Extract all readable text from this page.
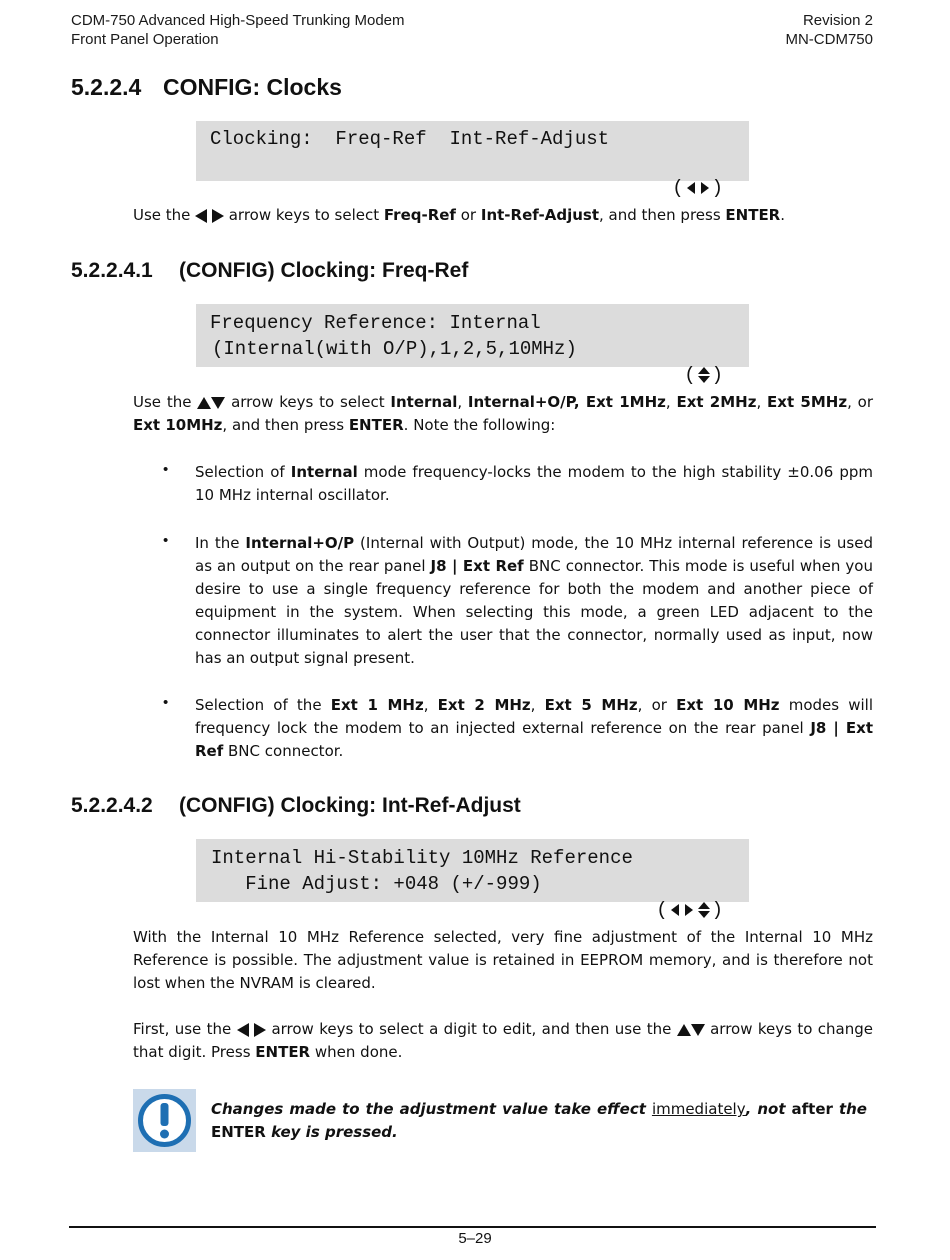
CDM-750 Advanced High-Speed Trunking Modem
Front Panel Operation
Revision 2
MN-CDM750
5.2.2.4 CONFIG: Clocks
Clocking:  Freq-Ref  Int-Ref-Adjust

( )

Use the   arrow keys to select Freq-Ref or Int-Ref-Adjust, and then press ENTER.
5.2.2.4.1 (CONFIG) Clocking: Freq-Ref
Frequency Reference: Internal
(Internal(with O/P),1,2,5,10MHz)

( )

Use the  arrow keys to select Internal, Internal+O/P, Ext 1MHz, Ext 2MHz, Ext 5MHz, or Ext 10MHz, and then press ENTER. Note the following:
• Selection of Internal mode frequency-locks the modem to the high stability ±0.06 ppm 10 MHz internal oscillator.
• In the Internal+O/P (Internal with Output) mode, the 10 MHz internal reference is used as an output on the rear panel J8 | Ext Ref BNC connector. This mode is useful when you desire to use a single frequency reference for both the modem and another piece of equipment in the system. When selecting this mode, a green LED adjacent to the connector illuminates to alert the user that the connector, normally used as input, now has an output signal present.
• Selection of the Ext 1 MHz, Ext 2 MHz, Ext 5 MHz, or Ext 10 MHz modes will frequency lock the modem to an injected external reference on the rear panel J8 | Ext Ref BNC connector.
5.2.2.4.2 (CONFIG) Clocking: Int-Ref-Adjust
Internal Hi-Stability 10MHz Reference
Fine Adjust: +048 (+/-999)

( )

With the Internal 10 MHz Reference selected, very fine adjustment of the Internal 10 MHz Reference is possible. The adjustment value is retained in EEPROM memory, and is therefore not lost when the NVRAM is cleared.
First, use the   arrow keys to select a digit to edit, and then use the  arrow keys to change that digit. Press ENTER when done.
Changes made to the adjustment value take effect immediately, not after the ENTER key is pressed.
5–29
